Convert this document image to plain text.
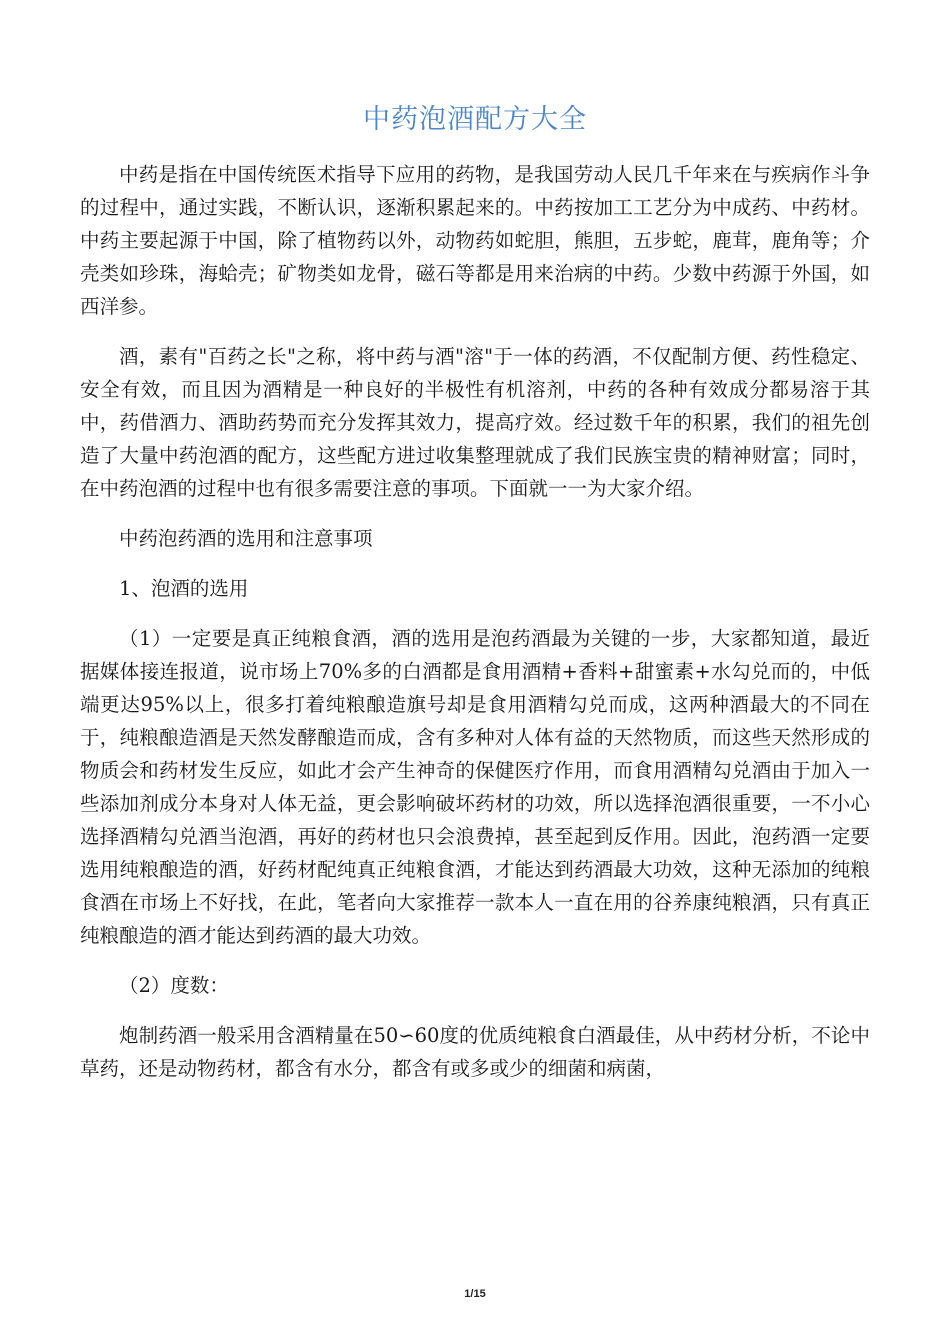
中药泡酒配方大全

中药是指在中国传统医术指导下应用的药物，是我国劳动人民几千年来在与疾病作斗争的过程中，通过实践，不断认识，逐渐积累起来的。中药按加工工艺分为中成药、中药材。中药主要起源于中国，除了植物药以外，动物药如蛇胆，熊胆，五步蛇，鹿茸，鹿角等；介壳类如珍珠，海蛤壳；矿物类如龙骨，磁石等都是用来治病的中药。少数中药源于外国，如西洋参。

酒，素有"百药之长"之称，将中药与酒"溶"于一体的药酒，不仅配制方便、药性稳定、安全有效，而且因为酒精是一种良好的半极性有机溶剂，中药的各种有效成分都易溶于其中，药借酒力、酒助药势而充分发挥其效力，提高疗效。经过数千年的积累，我们的祖先创造了大量中药泡酒的配方，这些配方进过收集整理就成了我们民族宝贵的精神财富；同时，在中药泡酒的过程中也有很多需要注意的事项。下面就一一为大家介绍。

中药泡药酒的选用和注意事项

1、泡酒的选用

（1）一定要是真正纯粮食酒，酒的选用是泡药酒最为关键的一步，大家都知道，最近据媒体接连报道，说市场上70%多的白酒都是食用酒精+香料+甜蜜素+水勾兑而的，中低端更达95%以上，很多打着纯粮酿造旗号却是食用酒精勾兑而成，这两种酒最大的不同在于，纯粮酿造酒是天然发酵酿造而成，含有多种对人体有益的天然物质，而这些天然形成的物质会和药材发生反应，如此才会产生神奇的保健医疗作用，而食用酒精勾兑酒由于加入一些添加剂成分本身对人体无益，更会影响破坏药材的功效，所以选择泡酒很重要，一不小心选择酒精勾兑酒当泡酒，再好的药材也只会浪费掉，甚至起到反作用。因此，泡药酒一定要选用纯粮酿造的酒，好药材配纯真正纯粮食酒，才能达到药酒最大功效，这种无添加的纯粮食酒在市场上不好找，在此，笔者向大家推荐一款本人一直在用的谷养康纯粮酒，只有真正纯粮酿造的酒才能达到药酒的最大功效。

（2）度数：

炮制药酒一般采用含酒精量在50∽60度的优质纯粮食白酒最佳，从中药材分析，不论中草药，还是动物药材，都含有水分，都含有或多或少的细菌和病菌，

1/15
